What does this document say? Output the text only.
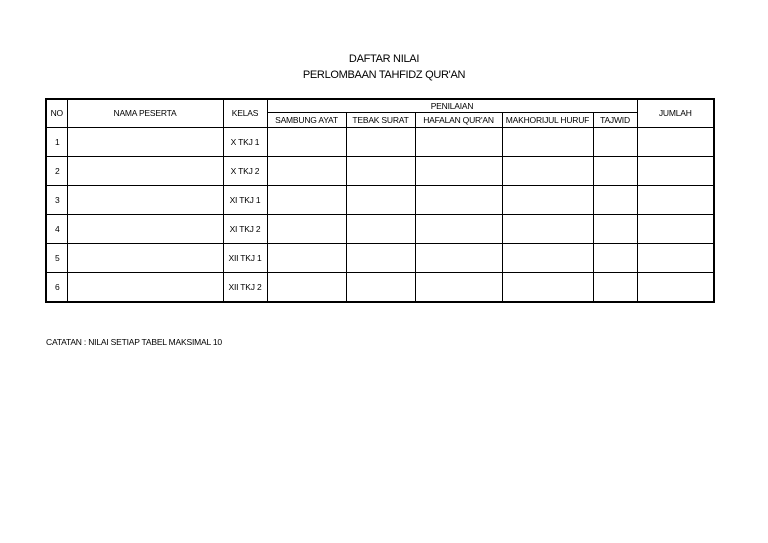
DAFTAR NILAI
PERLOMBAAN TAHFIDZ QUR'AN
NO	NAMA PESERTA	KELAS	PENILAIAN					JUMLAH
			SAMBUNG AYAT	TEBAK SURAT	HAFALAN QUR'AN	MAKHORIJUL HURUF	TAJWID	
1		X TKJ 1						
2		X TKJ 2						
3		XI TKJ 1						
4		XI TKJ 2						
5		XII TKJ 1						
6		XII TKJ 2						
CATATAN : NILAI SETIAP TABEL MAKSIMAL 10
